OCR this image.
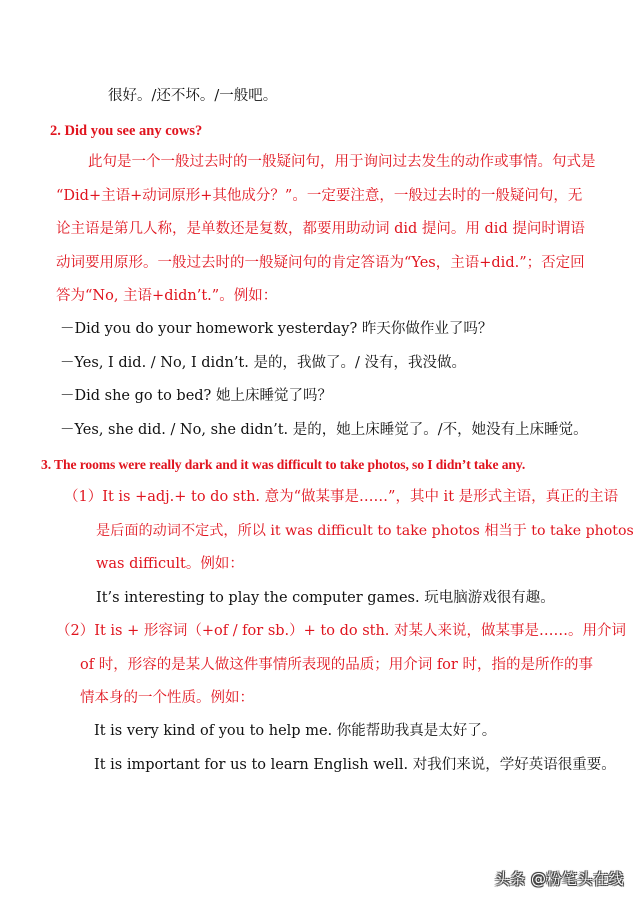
很好。/还不坏。/一般吧。
2. Did you see any cows?
此句是一个一般过去时的一般疑问句，用于询问过去发生的动作或事情。句式是
“Did+主语+动词原形+其他成分？”。一定要注意，一般过去时的一般疑问句，无
论主语是第几人称，是单数还是复数，都要用助动词 did 提问。用 did 提问时谓语
动词要用原形。一般过去时的一般疑问句的肯定答语为“Yes，主语+did.”；否定回
答为“No, 主语+didn’t.”。例如：
－Did you do your homework yesterday? 昨天你做作业了吗？
－Yes, I did. / No, I didn’t. 是的，我做了。/ 没有，我没做。
－Did she go to bed? 她上床睡觉了吗？
－Yes, she did. / No, she didn’t. 是的，她上床睡觉了。/不，她没有上床睡觉。
3. The rooms were really dark and it was difficult to take photos, so I didn’t take any.
（1）It is +adj.+ to do sth. 意为“做某事是……”，其中 it 是形式主语，真正的主语
是后面的动词不定式，所以 it was difficult to take photos 相当于 to take photos
was difficult。例如：
It’s interesting to play the computer games. 玩电脑游戏很有趣。
（2）It is + 形容词（+of / for sb.）+ to do sth. 对某人来说，做某事是……。用介词
of 时，形容的是某人做这件事情所表现的品质；用介词 for 时，指的是所作的事
情本身的一个性质。例如：
It is very kind of you to help me. 你能帮助我真是太好了。
It is important for us to learn English well. 对我们来说，学好英语很重要。
头条 @粉笔头在线
